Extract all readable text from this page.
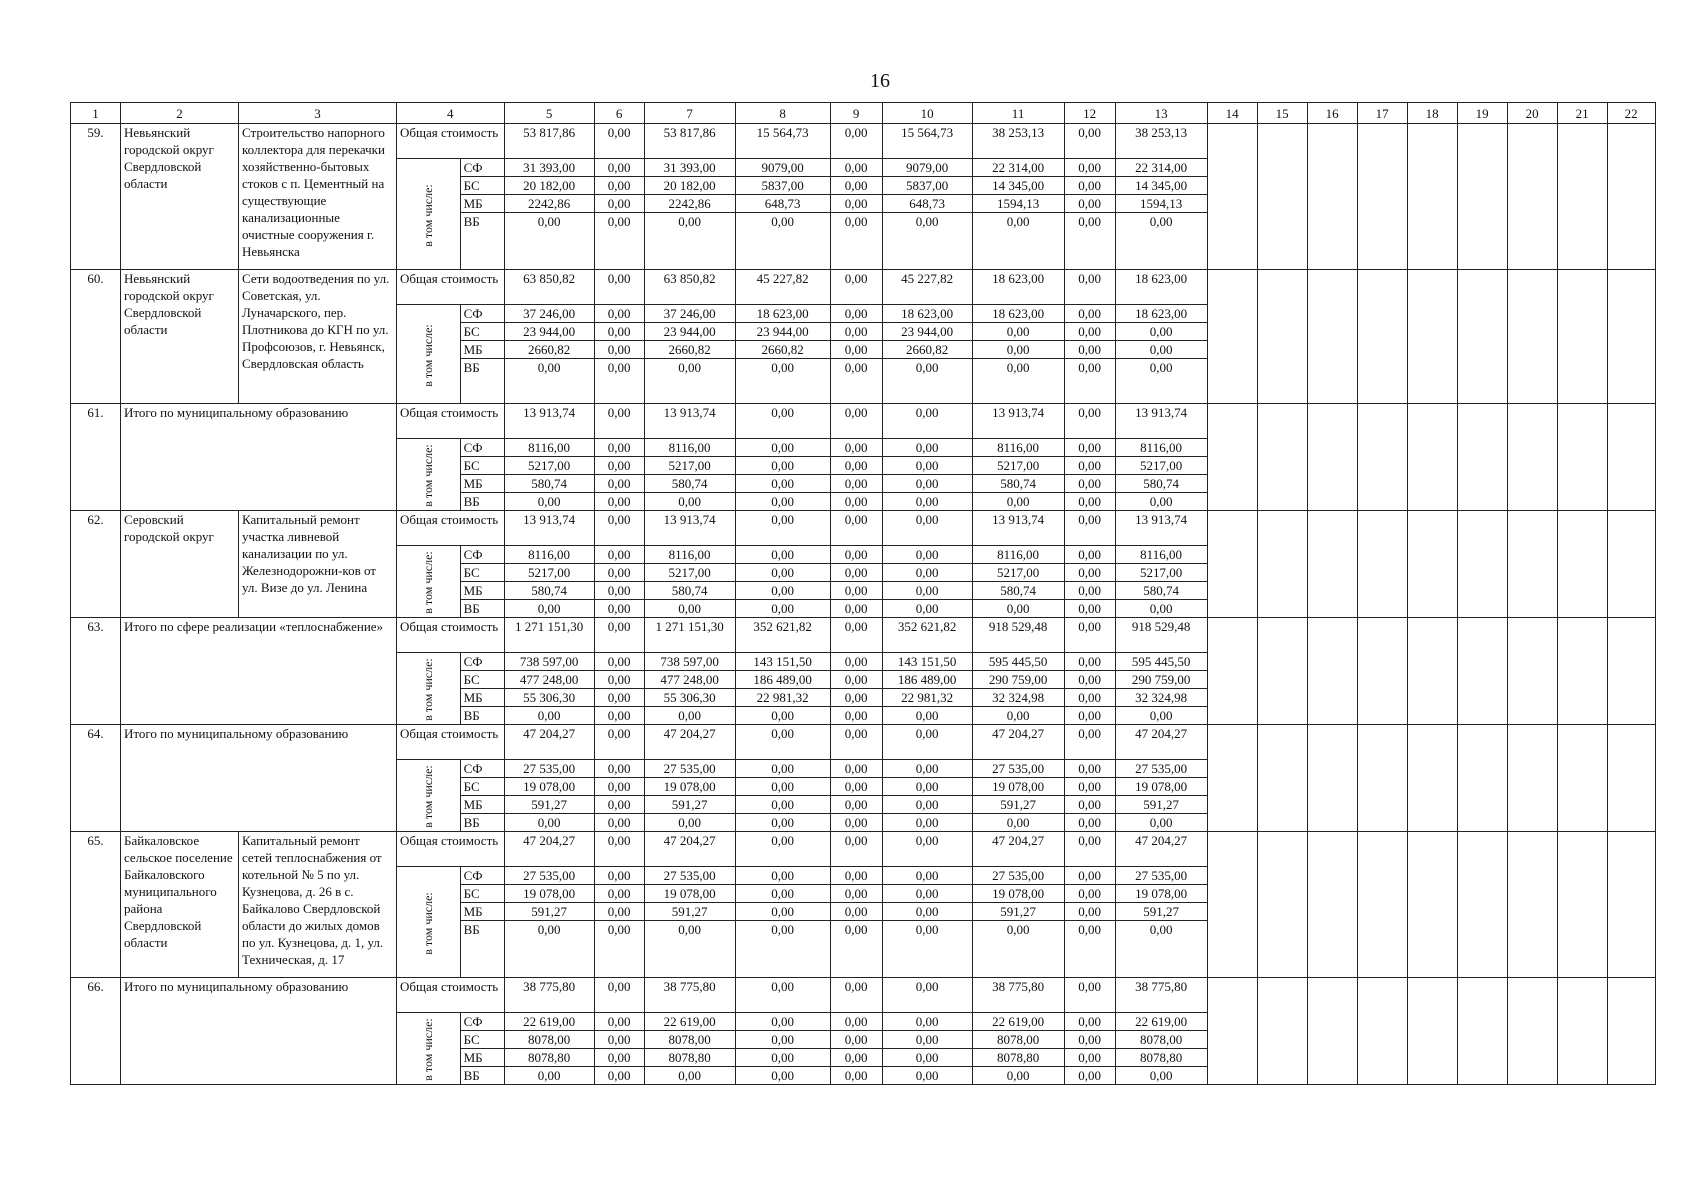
16
1	2	3	4		5	6	7	8	9	10	11	12	13	14	15	16	17	18	19	20	21	22
59.	Невьянский городской округ Свердловской области	Строительство напорного коллектора для перекачки хозяйственно-бытовых стоков с п. Цементный на существующие канализационные очистные сооружения г. Невьянска	Общая стоимость		53 817,86	0,00	53 817,86	15 564,73	0,00	15 564,73	38 253,13	0,00	38 253,13									
			в том числе:	СФ	31 393,00	0,00	31 393,00	9079,00	0,00	9079,00	22 314,00	0,00	22 314,00									
				БС	20 182,00	0,00	20 182,00	5837,00	0,00	5837,00	14 345,00	0,00	14 345,00									
				МБ	2242,86	0,00	2242,86	648,73	0,00	648,73	1594,13	0,00	1594,13									
				ВБ	0,00	0,00	0,00	0,00	0,00	0,00	0,00	0,00	0,00									
60.	Невьянский городской округ Свердловской области	Сети водоотведения по ул. Советская, ул. Луначарского, пер. Плотникова до КГН по ул. Профсоюзов, г. Невьянск, Свердловская область	Общая стоимость		63 850,82	0,00	63 850,82	45 227,82	0,00	45 227,82	18 623,00	0,00	18 623,00									
			в том числе:	СФ	37 246,00	0,00	37 246,00	18 623,00	0,00	18 623,00	18 623,00	0,00	18 623,00									
				БС	23 944,00	0,00	23 944,00	23 944,00	0,00	23 944,00	0,00	0,00	0,00									
				МБ	2660,82	0,00	2660,82	2660,82	0,00	2660,82	0,00	0,00	0,00									
				ВБ	0,00	0,00	0,00	0,00	0,00	0,00	0,00	0,00	0,00									
61.	Итого по муниципальному образованию		Общая стоимость		13 913,74	0,00	13 913,74	0,00	0,00	0,00	13 913,74	0,00	13 913,74									
			в том числе:	СФ	8116,00	0,00	8116,00	0,00	0,00	0,00	8116,00	0,00	8116,00									
				БС	5217,00	0,00	5217,00	0,00	0,00	0,00	5217,00	0,00	5217,00									
				МБ	580,74	0,00	580,74	0,00	0,00	0,00	580,74	0,00	580,74									
				ВБ	0,00	0,00	0,00	0,00	0,00	0,00	0,00	0,00	0,00									
62.	Серовский городской округ	Капитальный ремонт участка ливневой канализации по ул. Железнодорожни-ков от ул. Визе до ул. Ленина	Общая стоимость		13 913,74	0,00	13 913,74	0,00	0,00	0,00	13 913,74	0,00	13 913,74									
			в том числе:	СФ	8116,00	0,00	8116,00	0,00	0,00	0,00	8116,00	0,00	8116,00									
				БС	5217,00	0,00	5217,00	0,00	0,00	0,00	5217,00	0,00	5217,00									
				МБ	580,74	0,00	580,74	0,00	0,00	0,00	580,74	0,00	580,74									
				ВБ	0,00	0,00	0,00	0,00	0,00	0,00	0,00	0,00	0,00									
63.	Итого по сфере реализации «теплоснабжение»		Общая стоимость		1 271 151,30	0,00	1 271 151,30	352 621,82	0,00	352 621,82	918 529,48	0,00	918 529,48									
			в том числе:	СФ	738 597,00	0,00	738 597,00	143 151,50	0,00	143 151,50	595 445,50	0,00	595 445,50									
				БС	477 248,00	0,00	477 248,00	186 489,00	0,00	186 489,00	290 759,00	0,00	290 759,00									
				МБ	55 306,30	0,00	55 306,30	22 981,32	0,00	22 981,32	32 324,98	0,00	32 324,98									
				ВБ	0,00	0,00	0,00	0,00	0,00	0,00	0,00	0,00	0,00									
64.	Итого по муниципальному образованию		Общая стоимость		47 204,27	0,00	47 204,27	0,00	0,00	0,00	47 204,27	0,00	47 204,27									
			в том числе:	СФ	27 535,00	0,00	27 535,00	0,00	0,00	0,00	27 535,00	0,00	27 535,00									
				БС	19 078,00	0,00	19 078,00	0,00	0,00	0,00	19 078,00	0,00	19 078,00									
				МБ	591,27	0,00	591,27	0,00	0,00	0,00	591,27	0,00	591,27									
				ВБ	0,00	0,00	0,00	0,00	0,00	0,00	0,00	0,00	0,00									
65.	Байкаловское сельское поселение Байкаловского муниципального района Свердловской области	Капитальный ремонт сетей теплоснабжения от котельной № 5 по ул. Кузнецова, д. 26 в с. Байкалово Свердловской области до жилых домов по ул. Кузнецова, д. 1, ул. Техническая, д. 17	Общая стоимость		47 204,27	0,00	47 204,27	0,00	0,00	0,00	47 204,27	0,00	47 204,27									
			в том числе:	СФ	27 535,00	0,00	27 535,00	0,00	0,00	0,00	27 535,00	0,00	27 535,00									
				БС	19 078,00	0,00	19 078,00	0,00	0,00	0,00	19 078,00	0,00	19 078,00									
				МБ	591,27	0,00	591,27	0,00	0,00	0,00	591,27	0,00	591,27									
				ВБ	0,00	0,00	0,00	0,00	0,00	0,00	0,00	0,00	0,00									
66.	Итого по муниципальному образованию		Общая стоимость		38 775,80	0,00	38 775,80	0,00	0,00	0,00	38 775,80	0,00	38 775,80									
			в том числе:	СФ	22 619,00	0,00	22 619,00	0,00	0,00	0,00	22 619,00	0,00	22 619,00									
				БС	8078,00	0,00	8078,00	0,00	0,00	0,00	8078,00	0,00	8078,00									
				МБ	8078,80	0,00	8078,80	0,00	0,00	0,00	8078,80	0,00	8078,80									
				ВБ	0,00	0,00	0,00	0,00	0,00	0,00	0,00	0,00	0,00									
